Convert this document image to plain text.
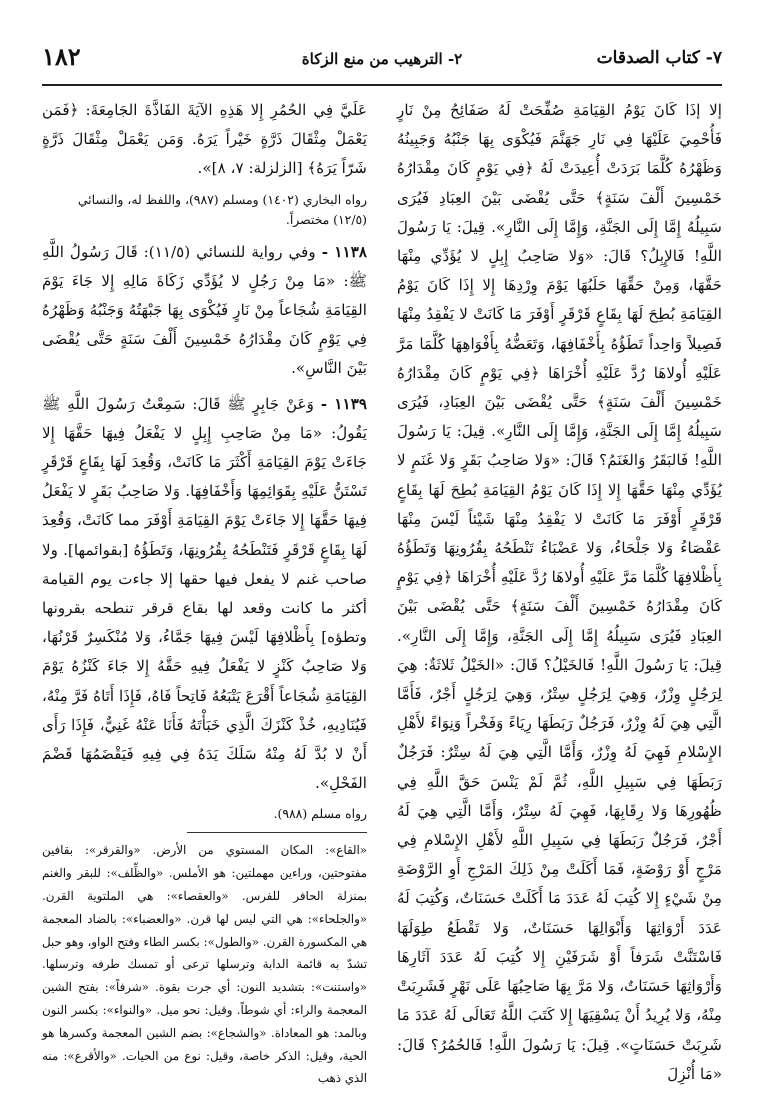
٧- كتاب الصدقات
٢- الترهيب من منع الزكاة
١٨٢

إلا إذَا كَانَ يَوْمُ القِيَامَةِ صُفِّحَتْ لَهُ صَفَائِحُ مِنْ نَارٍ فَأُحْمِيَ عَلَيْهَا فِي نَارِ جَهَنَّمَ فَيُكْوَى بِهَا جَنْبُهُ وَجَبِينُهُ وَظَهْرُهُ كُلَّمَا بَرَدَتْ أُعِيدَتْ لَهُ ﴿فِي يَوْمٍ كَانَ مِقْدَارُهُ خَمْسِينَ أَلْفَ سَنَةٍ﴾ حَتَّى يُقْضَى بَيْنَ العِبَادِ فَيُرَى سَبِيلُهُ إِمَّا إِلَى الجَنَّةِ، وَإِمَّا إِلَى النَّارِ». قِيلَ: يَا رَسُولَ اللَّهِ! فَالإِبِلُ؟ قَالَ: «وَلا صَاحِبُ إِبِلٍ لا يُؤَدِّي مِنْهَا حَقَّهَا، وَمِنْ حَقِّهَا حَلَبُهَا يَوْمَ وِرْدِهَا إِلا إِذَا كَانَ يَوْمُ القِيَامَةِ بُطِحَ لَهَا بِقَاعٍ قَرْقَرٍ أَوْفَرَ مَا كَانَتْ لا يَفْقِدُ مِنْهَا فَصِيلاً وَاحِداً تَطَؤُهُ بِأَخْفَافِهَا، وَتَعَضُّهُ بِأَفْوَاهِهَا كُلَّمَا مَرَّ عَلَيْهِ أُولاهَا رُدَّ عَلَيْهِ أُخْرَاهَا ﴿فِي يَوْمٍ كَانَ مِقْدَارُهُ خَمْسِينَ أَلْفَ سَنَةٍ﴾ حَتَّى يُقْضَى بَيْنَ العِبَادِ، فَيُرَى سَبِيلُهُ إِمَّا إِلَى الجَنَّةِ، وَإِمَّا إِلَى النَّارِ». قِيلَ: يَا رَسُولَ اللَّهِ! فَالبَقَرُ وَالغَنَمُ؟ قَالَ: «وَلا صَاحِبُ بَقَرٍ وَلا غَنَمٍ لا يُؤَدِّي مِنْهَا حَقَّهَا إِلا إِذَا كَانَ يَوْمُ القِيَامَةِ بُطِحَ لَهَا بِقَاعٍ قَرْقَرٍ أَوْفَرَ مَا كَانَتْ لا يَفْقِدُ مِنْهَا شَيْئاً لَيْسَ مِنْهَا عَقْصَاءُ وَلا جَلْحَاءُ، وَلا عَضْبَاءُ تَنْطَحُهُ بِقُرُونِهَا وَتَطَؤُهُ بِأَظْلافِهَا كُلَّمَا مَرَّ عَلَيْهِ أُولاهَا رُدَّ عَلَيْهِ أُخْرَاهَا ﴿فِي يَوْمٍ كَانَ مِقْدَارُهُ خَمْسِينَ أَلْفَ سَنَةٍ﴾ حَتَّى يُقْضَى بَيْنَ العِبَادِ فَيُرَى سَبِيلُهُ إِمَّا إِلَى الجَنَّةِ، وَإِمَّا إِلَى النَّارِ». قِيلَ: يَا رَسُولَ اللَّهِ! فَالخَيْلُ؟ قَالَ: «الخَيْلُ ثَلاثَةٌ: هِيَ لِرَجُلٍ وِزْرٌ، وَهِيَ لِرَجُلٍ سِتْرٌ، وَهِيَ لِرَجُلٍ أَجْرٌ، فَأَمَّا الَّتِي هِيَ لَهُ وِزْرٌ، فَرَجُلٌ رَبَطَهَا رِيَاءً وَفَخْراً وَنِوَاءً لأَهْلِ الإِسْلامِ فَهِيَ لَهُ وِزْرٌ، وَأَمَّا الَّتِي هِيَ لَهُ سِتْرٌ: فَرَجُلٌ رَبَطَهَا فِي سَبِيلِ اللَّهِ، ثُمَّ لَمْ يَنْسَ حَقَّ اللَّهِ فِي ظُهُورِهَا وَلا رِقَابِهَا، فَهِيَ لَهُ سِتْرٌ، وَأَمَّا الَّتِي هِيَ لَهُ أَجْرٌ، فَرَجُلٌ رَبَطَهَا فِي سَبِيلِ اللَّهِ لأَهْلِ الإِسْلامِ فِي مَرْجٍ أَوْ رَوْضَةٍ، فَمَا أَكَلَتْ مِنْ ذَلِكَ المَرْجِ أَوِ الرَّوْضَةِ مِنْ شَيْءٍ إِلا كُتِبَ لَهُ عَدَدَ مَا أَكَلَتْ حَسَنَاتٌ، وَكُتِبَ لَهُ عَدَدَ أَرْوَاثِهَا وَأَبْوَالِهَا حَسَنَاتٌ، وَلا تَقْطَعُ طِوَلَهَا فَاسْتَنَّتْ شَرَفاً أَوْ شَرَفَيْنِ إِلا كُتِبَ لَهُ عَدَدَ آثَارِهَا وَأَرْوَاثِهَا حَسَنَاتٌ، وَلا مَرَّ بِهَا صَاحِبُهَا عَلَى نَهْرٍ فَشَرِبَتْ مِنْهُ، وَلا يُرِيدُ أَنْ يَسْقِيَهَا إِلا كَتَبَ اللَّهُ تَعَالَى لَهُ عَدَدَ مَا شَرِبَتْ حَسَنَاتٍ». قِيلَ: يَا رَسُولَ اللَّهِ! فَالحُمُرُ؟ قَالَ: «مَا أُنْزِلَ

عَلَيَّ فِي الحُمُرِ إِلا هَذِهِ الآيَةَ الفَاذَّةَ الجَامِعَةَ: ﴿فَمَن يَعْمَلْ مِثْقَالَ ذَرَّةٍ خَيْراً يَرَهُ. وَمَن يَعْمَلْ مِثْقَالَ ذَرَّةٍ شَرّاً يَرَهُ﴾ [الزلزلة: ٧، ٨]».

رواه البخاري (١٤٠٢) ومسلم (٩٨٧)، واللفظ له، والنسائي (١٢/٥) مختصراً.

١١٣٨ - وفي رواية للنسائي (١١/٥): قَالَ رَسُولُ اللَّهِ ﷺ: «مَا مِنْ رَجُلٍ لا يُؤَدِّي زَكَاةَ مَالِهِ إِلا جَاءَ يَوْمَ القِيَامَةِ شُجَاعاً مِنْ نَارٍ فَيُكْوَى بِهَا جَبْهَتُهُ وَجَنْبُهُ وَظَهْرُهُ فِي يَوْمٍ كَانَ مِقْدَارُهُ خَمْسِينَ أَلْفَ سَنَةٍ حَتَّى يُقْضَى بَيْنَ النَّاسِ».

١١٣٩ - وَعَنْ جَابِرٍ ﷺ قَالَ: سَمِعْتُ رَسُولَ اللَّهِ ﷺ يَقُولُ: «مَا مِنْ صَاحِبِ إِبِلٍ لا يَفْعَلُ فِيهَا حَقَّهَا إِلا جَاءَتْ يَوْمَ القِيَامَةِ أَكْثَرَ مَا كَانَتْ، وَقُعِدَ لَهَا بِقَاعٍ قَرْقَرٍ تَسْتَنُّ عَلَيْهِ بِقَوَائِمِهَا وَأَخْفَافِهَا. وَلا صَاحِبُ بَقَرٍ لا يَفْعَلُ فِيهَا حَقَّهَا إِلا جَاءَتْ يَوْمَ القِيَامَةِ أَوْفَرَ مما كَانَتْ، وَقُعِدَ لَهَا بِقَاعٍ قَرْقَرٍ فَتَنْطَحُهُ بِقُرُونِهَا، وَتَطَؤُهُ [بقوائمها]. ولا صاحب غنم لا يفعل فيها حقها إلا جاءت يوم القيامة أكثر ما كانت وقعد لها بقاع قرقر تنطحه بقرونها وتطؤه] بِأَظْلافِهَا لَيْسَ فِيهَا جَمَّاءُ، وَلا مُنْكَسِرٌ قَرْنُهَا، وَلا صَاحِبُ كَنْزٍ لا يَفْعَلُ فِيهِ حَقَّهُ إِلا جَاءَ كَنْزُهُ يَوْمَ القِيَامَةِ شُجَاعاً أَقْرَعَ يَتْبَعُهُ فَاتِحاً فَاهُ، فَإِذَا أَتَاهُ فَرَّ مِنْهُ، فَيُنَادِيهِ، خُذْ كَنْزَكَ الَّذِي خَبَأْتَهُ فَأَنَا عَنْهُ غَنِيٌّ، فَإِذَا رَأَى أَنْ لا بُدَّ لَهُ مِنْهُ سَلَكَ يَدَهُ فِي فِيهِ فَيَقْضَمُهَا قَضْمَ الفَحْلِ».

رواه مسلم (٩٨٨).

«القاع»: المكان المستوي من الأرض. «والقرقر»: بقافين مفتوحتين، وراءين مهملتين: هو الأملس. «والظِّلف»: للبقر والغنم بمنزلة الحافر للفرس. «والعقصاء»: هي الملتوية القرن. «والجلحاء»: هي التي ليس لها قرن. «والعضباء»: بالضاد المعجمة هي المكسورة القرن. «والطول»: بكسر الطاء وفتح الواو، وهو حبل تشدّ به قائمة الدابة وترسلها ترعى أو تمسك طرفه وترسلها. «واستنت»: بتشديد النون: أي جرت بقوة. «شرفاً»: بفتح الشين المعجمة والراء: أي شوطاً. وقيل: نحو ميل. «والنواء»: بكسر النون وبالمد: هو المعاداة. «والشجاع»: بضم الشين المعجمة وكسرها هو الحية، وقيل: الذكر خاصة، وقيل: نوع من الحيات. «والأقرع»: منه الذي ذهب
